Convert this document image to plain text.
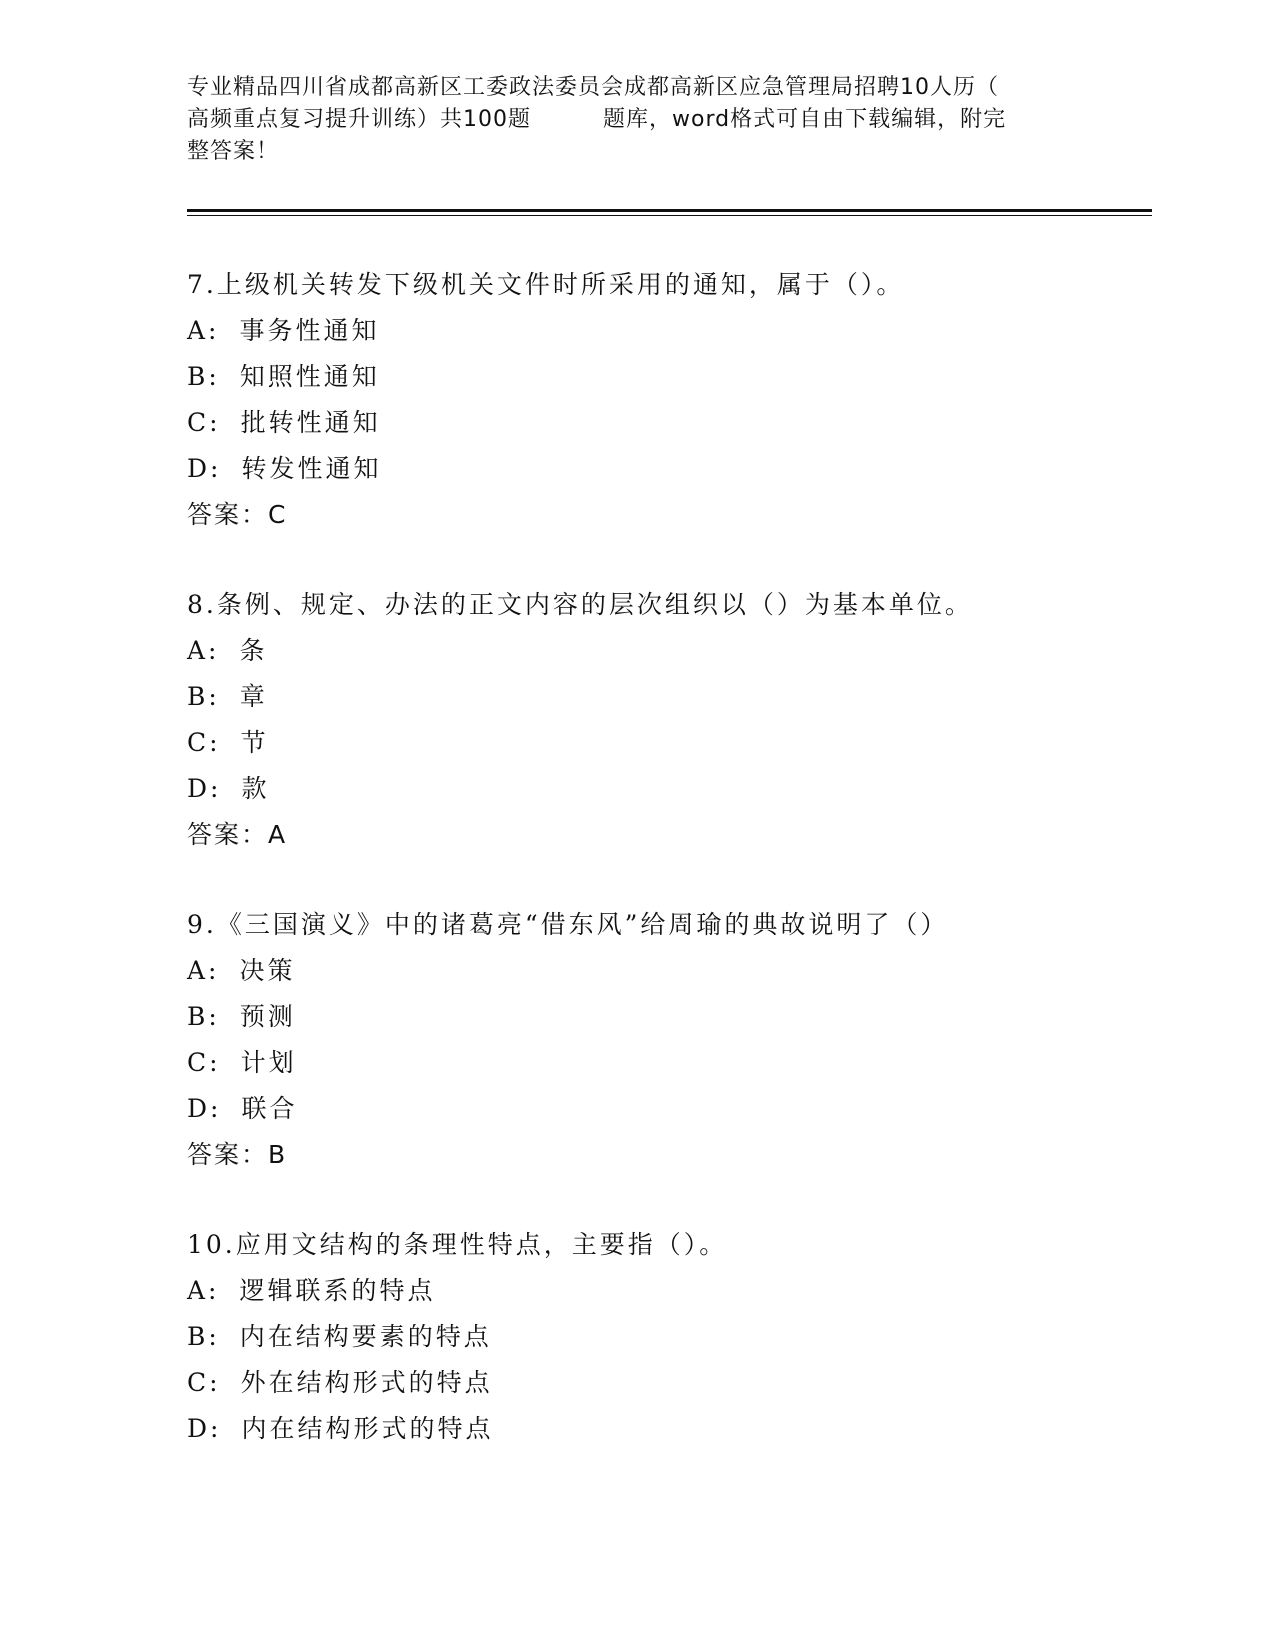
专业精品四川省成都高新区工委政法委员会成都高新区应急管理局招聘10人历（
高频重点复习提升训练）共100题	题库，word格式可自由下载编辑，附完
整答案！
7.上级机关转发下级机关文件时所采用的通知，属于（）。
A: 事务性通知
B: 知照性通知
C: 批转性通知
D: 转发性通知
答案：C
8.条例、规定、办法的正文内容的层次组织以（）为基本单位。
A: 条
B: 章
C: 节
D: 款
答案：A
9.《三国演义》中的诸葛亮“借东风”给周瑜的典故说明了（）
A: 决策
B: 预测
C: 计划
D: 联合
答案：B
10.应用文结构的条理性特点，主要指（）。
A: 逻辑联系的特点
B: 内在结构要素的特点
C: 外在结构形式的特点
D: 内在结构形式的特点
